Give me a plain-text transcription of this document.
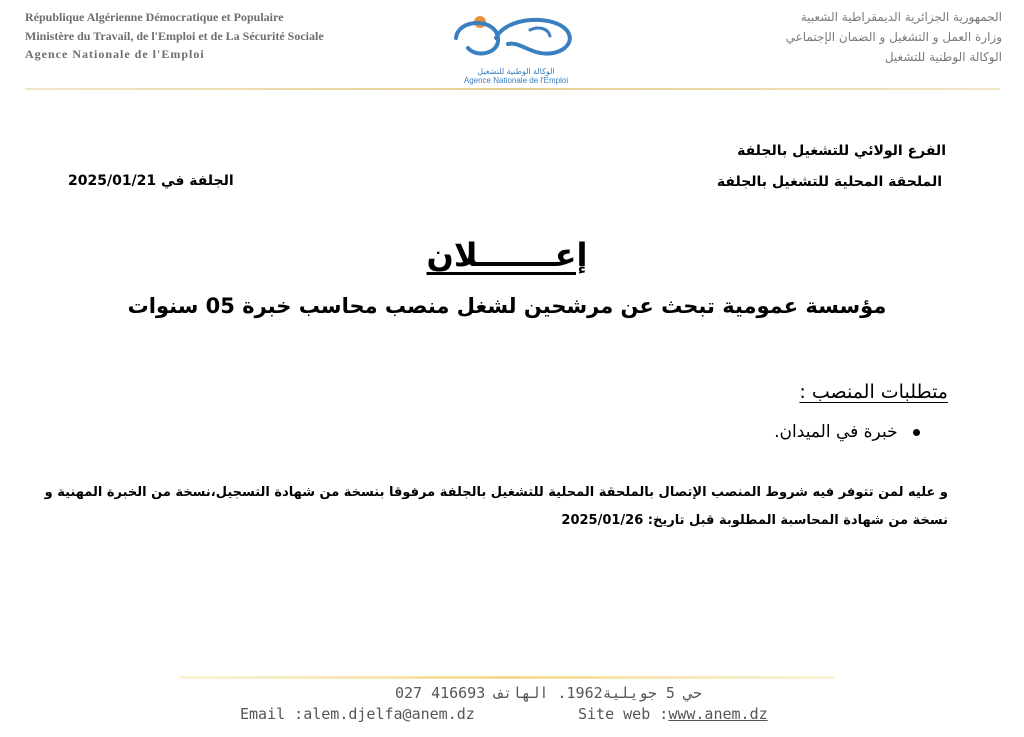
République Algérienne Démocratique et Populaire
Ministère du Travail, de l'Emploi et de La Sécurité Sociale
Agence Nationale de l'Emploi
الوكالة الوطنية للتشغيل
Agence Nationale de l'Emploi
الجمهورية الجزائرية الديمقراطية الشعبية
وزارة العمل و التشغيل و الضمان الإجتماعي
الوكالة الوطنية للتشغيل
الفرع الولائي للتشغيل بالجلفة
الملحقة المحلية للتشغيل بالجلفة
الجلفة في 2025/01/21
إعـــــــلان
مؤسسة عمومية تبحث عن مرشحين لشغل منصب محاسب خبرة 05 سنوات
متطلبات المنصب :
خبرة في الميدان.
و عليه لمن تتوفر فيه شروط المنصب الإتصال بالملحقة المحلية للتشغيل بالجلفة مرفوقا بنسخة من شهادة التسجيل،نسخة من الخبرة المهنية و
نسخة من شهادة المحاسبة المطلوبة قبل تاريخ: 2025/01/26
حي 5 جويلية1962. الهاتف 416693 027
Email :alem.djelfa@anem.dz	Site web :www.anem.dz
